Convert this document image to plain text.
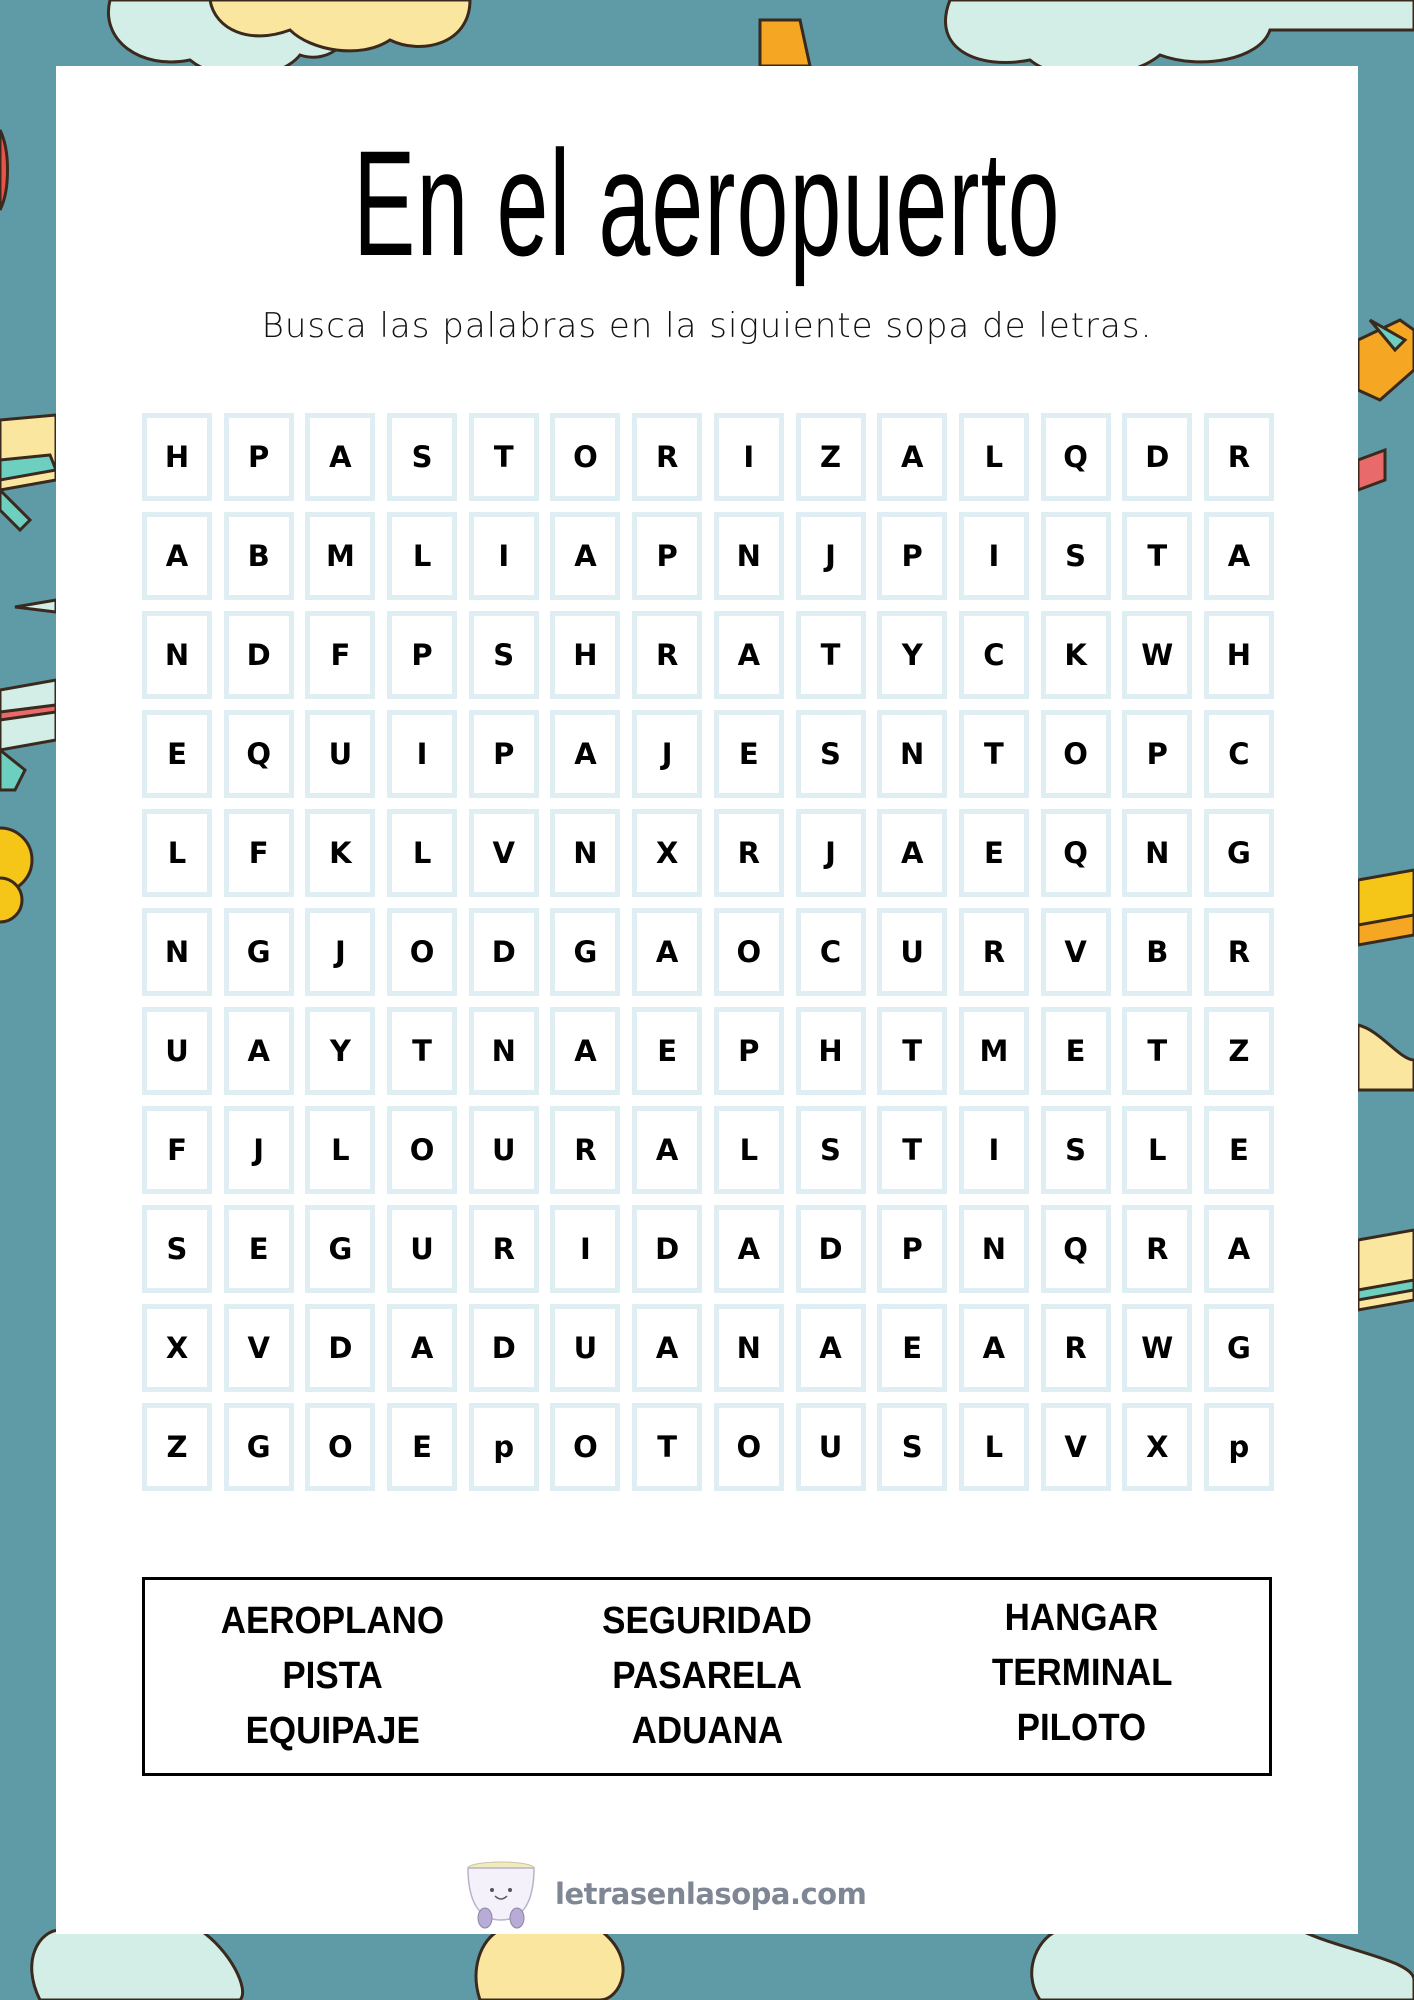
En el aeropuerto
Busca las palabras en la siguiente sopa de letras.
H	P	A	S	T	O	R	I	Z	A	L	Q	D	R
A	B	M	L	I	A	P	N	J	P	I	S	T	A
N	D	F	P	S	H	R	A	T	Y	C	K	W	H
E	Q	U	I	P	A	J	E	S	N	T	O	P	C
L	F	K	L	V	N	X	R	J	A	E	Q	N	G
N	G	J	O	D	G	A	O	C	U	R	V	B	R
U	A	Y	T	N	A	E	P	H	T	M	E	T	Z
F	J	L	O	U	R	A	L	S	T	I	S	L	E
S	E	G	U	R	I	D	A	D	P	N	Q	R	A
X	V	D	A	D	U	A	N	A	E	A	R	W	G
Z	G	O	E	p	O	T	O	U	S	L	V	X	p
AEROPLANO
PISTA
EQUIPAJE
SEGURIDAD
PASARELA
ADUANA
HANGAR
TERMINAL
PILOTO
letrasenlasopa.com
